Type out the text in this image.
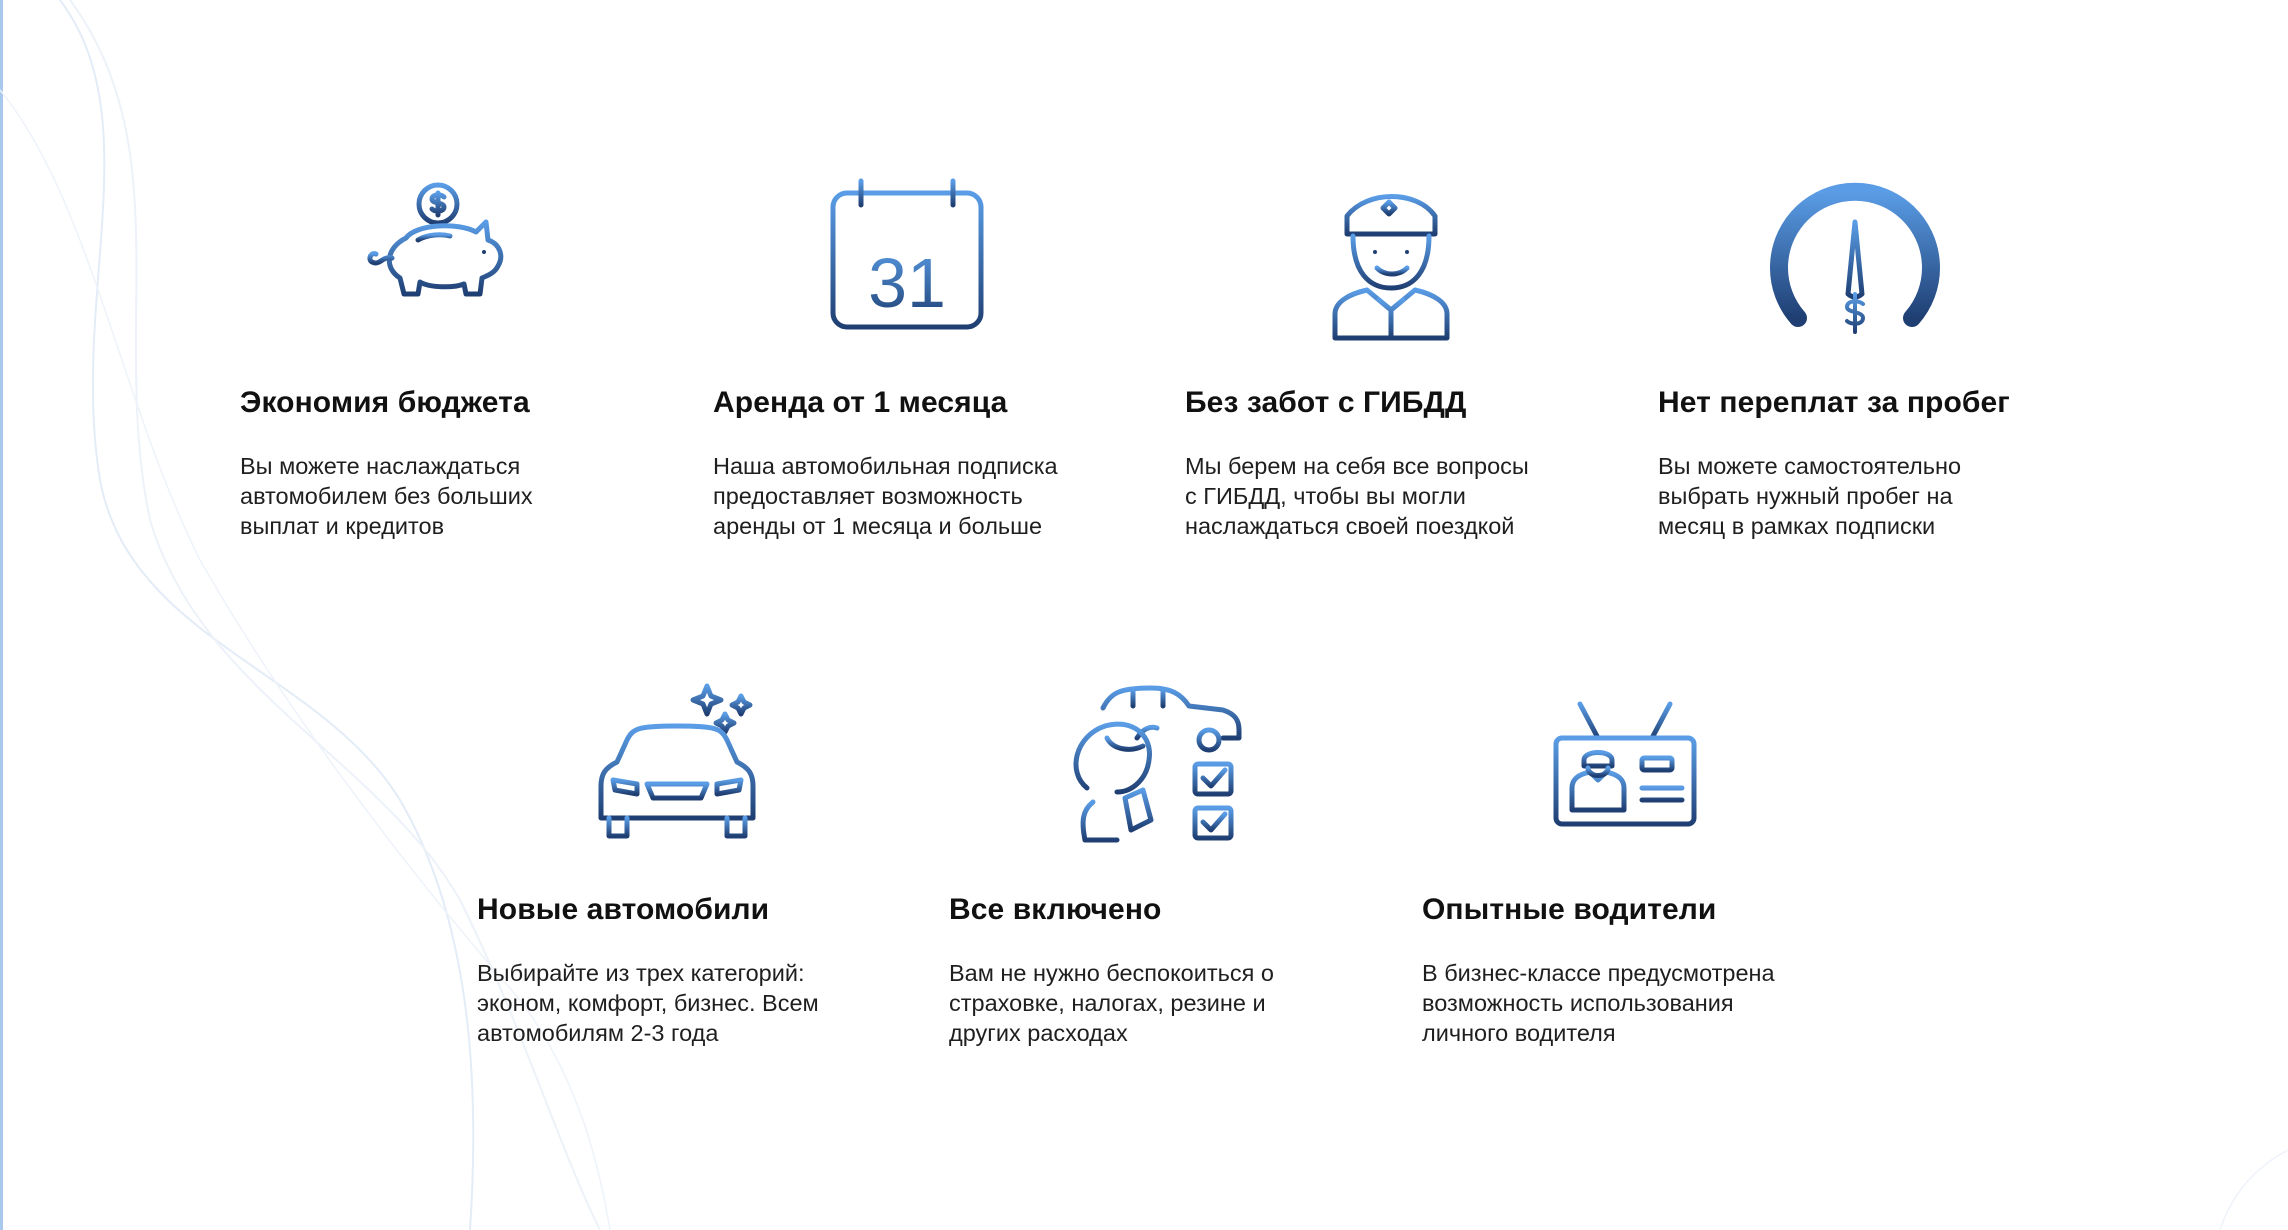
Экономия бюджета

Вы можете наслаждаться
автомобилем без больших
выплат и кредитов

31
Аренда от 1 месяца

Наша автомобильная подписка
предоставляет возможность
аренды от 1 месяца и больше

Без забот с ГИБДД

Мы берем на себя все вопросы
с ГИБДД, чтобы вы могли
наслаждаться своей поездкой

Нет переплат за пробег

Вы можете самостоятельно
выбрать нужный пробег на
месяц в рамках подписки

Новые автомобили

Выбирайте из трех категорий:
эконом, комфорт, бизнес. Всем
автомобилям 2-3 года

Все включено

Вам не нужно беспокоиться о
страховке, налогах, резине и
других расходах

Опытные водители

В бизнес-классе предусмотрена
возможность использования
личного водителя
